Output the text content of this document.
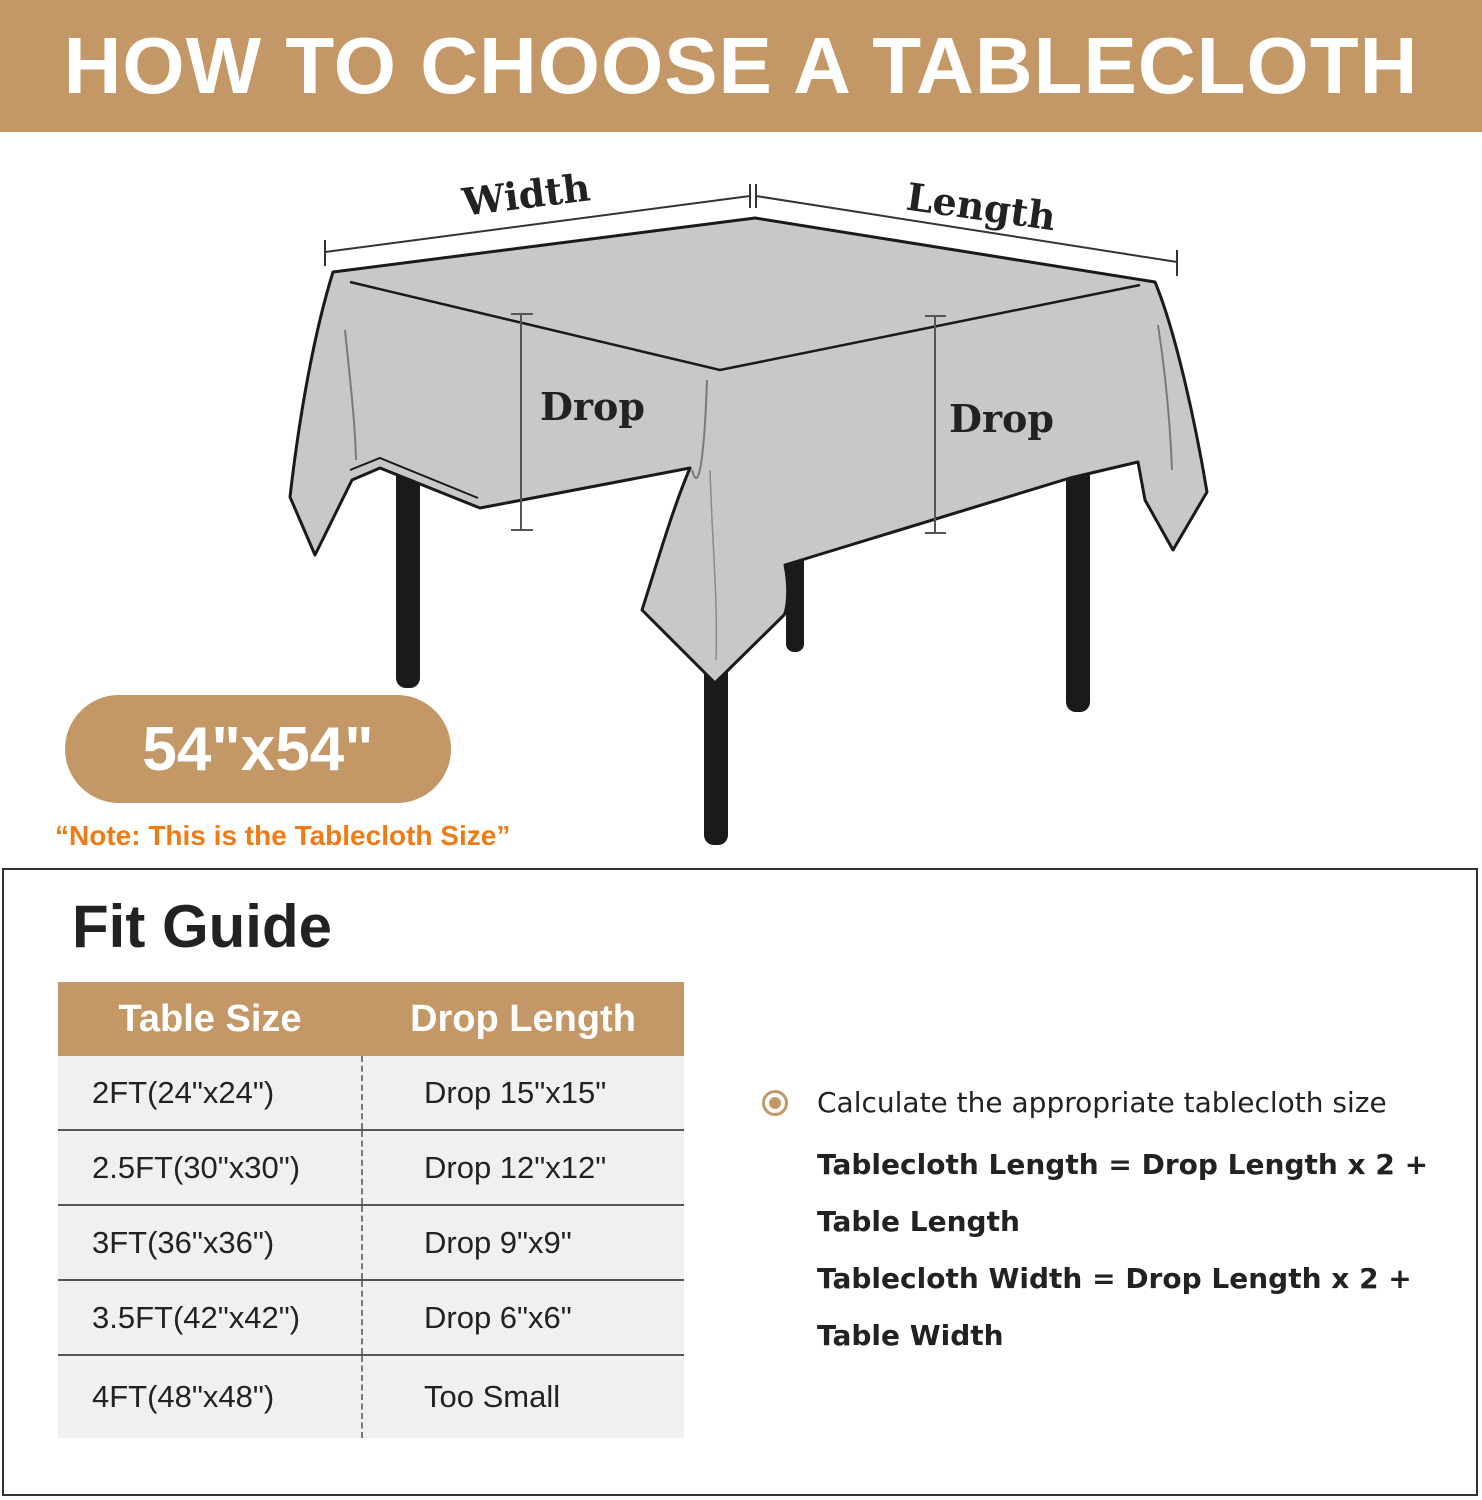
HOW TO CHOOSE A TABLECLOTH
Width	Length
Drop	Drop
54"x54"
“Note: This is the Tablecloth Size”
Fit Guide
Table Size	Drop Length
2FT(24"x24")	Drop 15"x15"
2.5FT(30"x30")	Drop 12"x12"
3FT(36"x36")	Drop 9"x9"
3.5FT(42"x42")	Drop 6"x6"
4FT(48"x48")	Too Small
Calculate the appropriate tablecloth size
Tablecloth Length = Drop Length x 2 + Table Length
Tablecloth Width = Drop Length x 2 + Table Width
